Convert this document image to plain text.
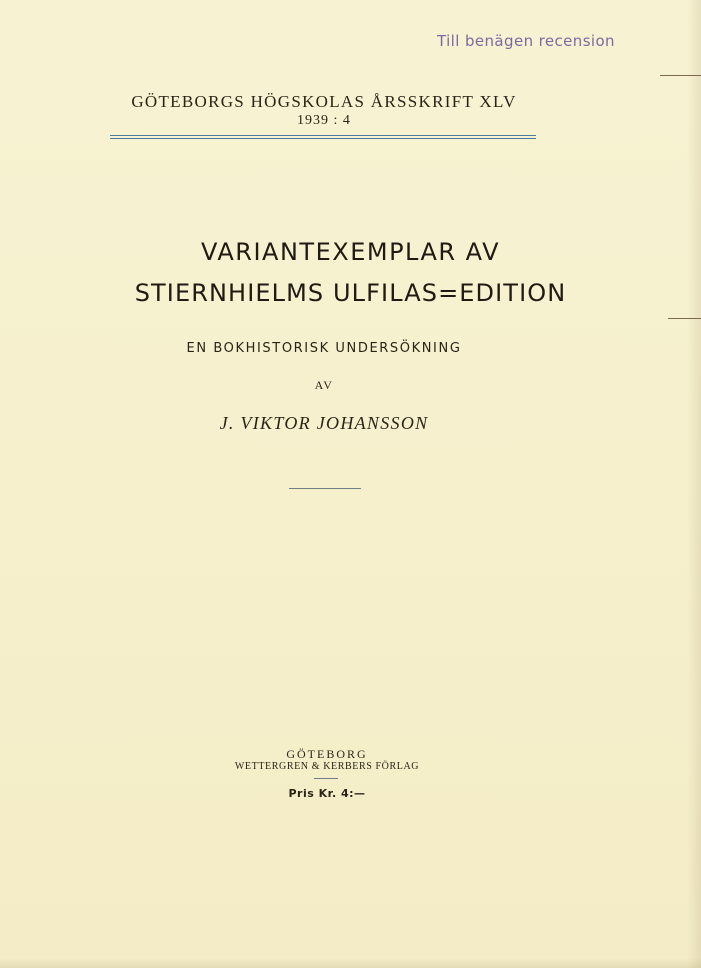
Till benägen recension
GÖTEBORGS HÖGSKOLAS ÅRSSKRIFT XLV
1939 : 4
VARIANTEXEMPLAR AV
STIERNHIELMS ULFILAS=EDITION
EN BOKHISTORISK UNDERSÖKNING
AV
J. VIKTOR JOHANSSON
GÖTEBORG
WETTERGREN & KERBERS FÖRLAG
Pris Kr. 4:—
